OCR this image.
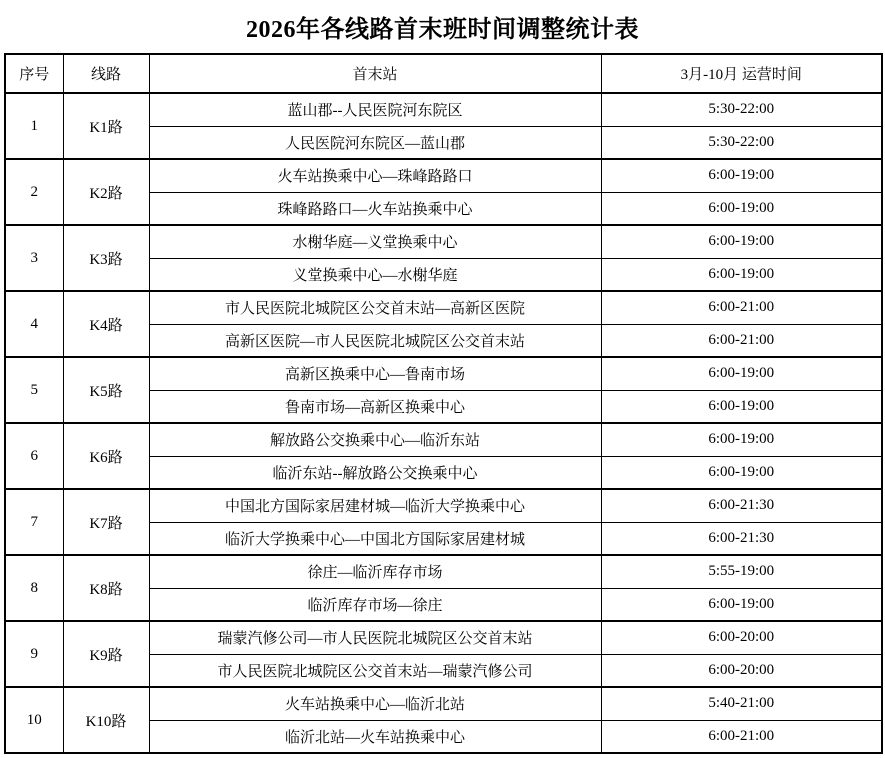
2026年各线路首末班时间调整统计表
序号	线路	首末站	3月-10月 运营时间
1	K1路	蓝山郡--人民医院河东院区	5:30-22:00
		人民医院河东院区—蓝山郡	5:30-22:00
2	K2路	火车站换乘中心—珠峰路路口	6:00-19:00
		珠峰路路口—火车站换乘中心	6:00-19:00
3	K3路	水榭华庭—义堂换乘中心	6:00-19:00
		义堂换乘中心—水榭华庭	6:00-19:00
4	K4路	市人民医院北城院区公交首末站—高新区医院	6:00-21:00
		高新区医院—市人民医院北城院区公交首末站	6:00-21:00
5	K5路	高新区换乘中心—鲁南市场	6:00-19:00
		鲁南市场—高新区换乘中心	6:00-19:00
6	K6路	解放路公交换乘中心—临沂东站	6:00-19:00
		临沂东站--解放路公交换乘中心	6:00-19:00
7	K7路	中国北方国际家居建材城—临沂大学换乘中心	6:00-21:30
		临沂大学换乘中心—中国北方国际家居建材城	6:00-21:30
8	K8路	徐庄—临沂库存市场	5:55-19:00
		临沂库存市场—徐庄	6:00-19:00
9	K9路	瑞蒙汽修公司—市人民医院北城院区公交首末站	6:00-20:00
		市人民医院北城院区公交首末站—瑞蒙汽修公司	6:00-20:00
10	K10路	火车站换乘中心—临沂北站	5:40-21:00
		临沂北站—火车站换乘中心	6:00-21:00
